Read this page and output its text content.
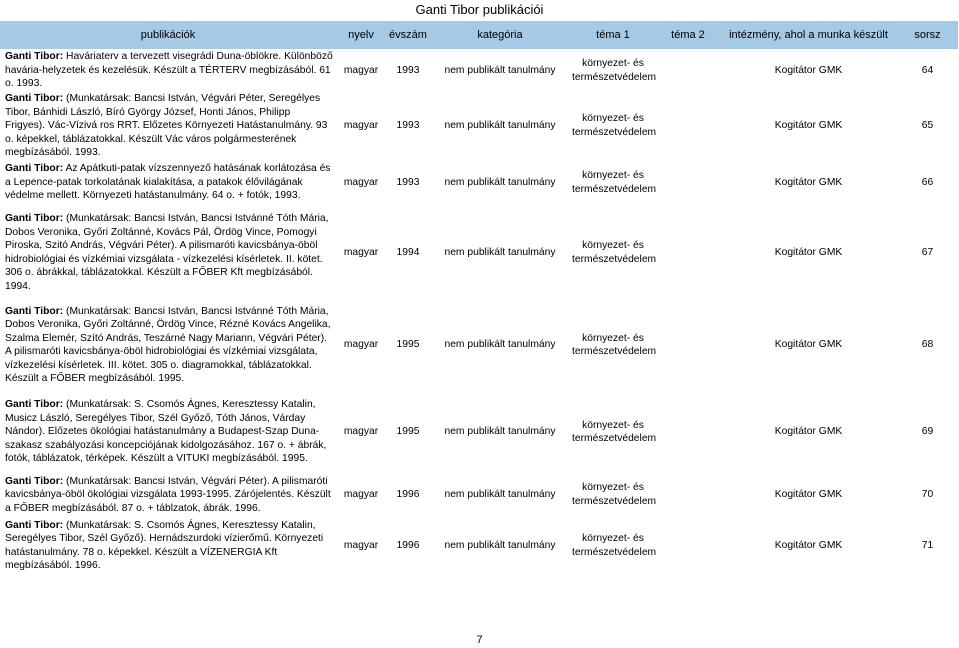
Ganti Tibor publikációi
publikációk	nyelv	évszám	kategória	téma 1	téma 2	intézmény, ahol a munka készült	sorsz
Ganti Tibor: Haváriaterv a tervezett visegrádi Duna-öblökre. Különböző havária-helyzetek és kezelésük. Készült a TÉRTERV megbízásából. 61 o. 1993.	magyar	1993	nem publikált tanulmány	környezet- és természetvédelem		Kogitátor GMK	64
Ganti Tibor: (Munkatársak: Bancsi István, Végvári Péter, Seregélyes Tibor, Bánhidi László, Bíró György József, Honti János, Philipp Frigyes). Vác-Vízivá ros RRT. Előzetes Környezeti Hatástanulmány. 93 o. képekkel, táblázatokkal. Készült Vác város polgármesterének megbízásából. 1993.	magyar	1993	nem publikált tanulmány	környezet- és természetvédelem		Kogitátor GMK	65
Ganti Tibor: Az Apátkuti-patak vízszennyező hatásának korlátozása és a Lepence-patak torkolatának kialakítása, a patakok élővilágának védelme mellett. Környezeti hatástanulmány. 64 o. + fotók, 1993.	magyar	1993	nem publikált tanulmány	környezet- és természetvédelem		Kogitátor GMK	66
Ganti Tibor: (Munkatársak: Bancsi István, Bancsi Istvánné Tóth Mária, Dobos Veronika, Győri Zoltánné, Kovács Pál, Ördög Vince, Pomogyi Piroska, Szitó András, Végvári Péter). A pilismaróti kavicsbánya-öböl hidrobiológiai és vízkémiai vizsgálata - vízkezelési kísérletek. II. kötet. 306 o. ábrákkal, táblázatokkal. Készült a FŐBER Kft megbízásából. 1994.	magyar	1994	nem publikált tanulmány	környezet- és természetvédelem		Kogitátor GMK	67
Ganti Tibor: (Munkatársak: Bancsi István, Bancsi Istvánné Tóth Mária, Dobos Veronika, Győri Zoltánné, Ördög Vince, Rézné Kovács Angelika, Szalma Elemér, Szító András, Teszárné Nagy Mariann, Végvári Péter). A pilismaróti kavicsbánya-öböl hidrobiológiai és vízkémiai vizsgálata, vízkezelési kísérletek. III. kötet. 305 o. diagramokkal, táblázatokkal. Készült a FŐBER megbízásából. 1995.	magyar	1995	nem publikált tanulmány	környezet- és természetvédelem		Kogitátor GMK	68
Ganti Tibor: (Munkatársak: S. Csomós Ágnes, Keresztessy Katalin, Musicz László, Seregélyes Tibor, Szél Győző, Tóth János, Várday Nándor). Előzetes ökológiai hatástanulmány a Budapest-Szap Duna-szakasz szabályozási koncepciójának kidolgozásához. 167 o. + ábrák, fotók, táblázatok, térképek. Készült a VITUKI megbízásából. 1995.	magyar	1995	nem publikált tanulmány	környezet- és természetvédelem		Kogitátor GMK	69
Ganti Tibor: (Munkatársak: Bancsi István, Végvári Péter). A pilismaróti kavicsbánya-öböl ökológiai vizsgálata 1993-1995. Zárójelentés. Készült a FŐBER megbízásából. 87 o. + táblzatok, ábrák. 1996.	magyar	1996	nem publikált tanulmány	környezet- és természetvédelem		Kogitátor GMK	70
Ganti Tibor: (Munkatársak: S. Csomós Ágnes, Keresztessy Katalin, Seregélyes Tibor, Szél Győző). Hernádszurdoki vízierőmű. Környezeti hatástanulmány. 78 o. képekkel. Készült a VÍZENERGIA Kft megbízásából. 1996.	magyar	1996	nem publikált tanulmány	környezet- és természetvédelem		Kogitátor GMK	71
7
